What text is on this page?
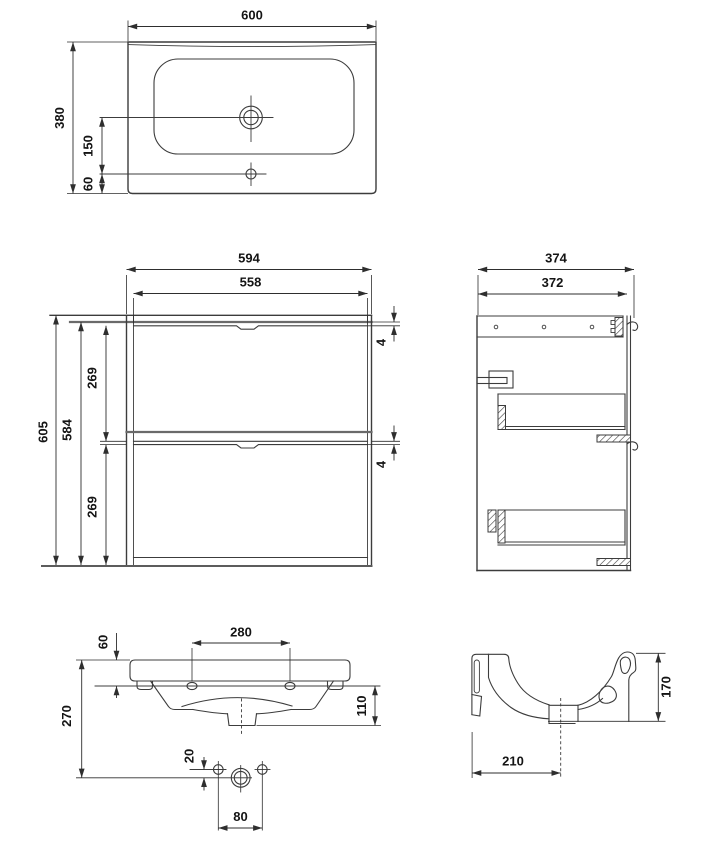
600
380
150
60
594
558
605 584
269
269
4
4
374
372
280
60
270	110
20
80
170
210
